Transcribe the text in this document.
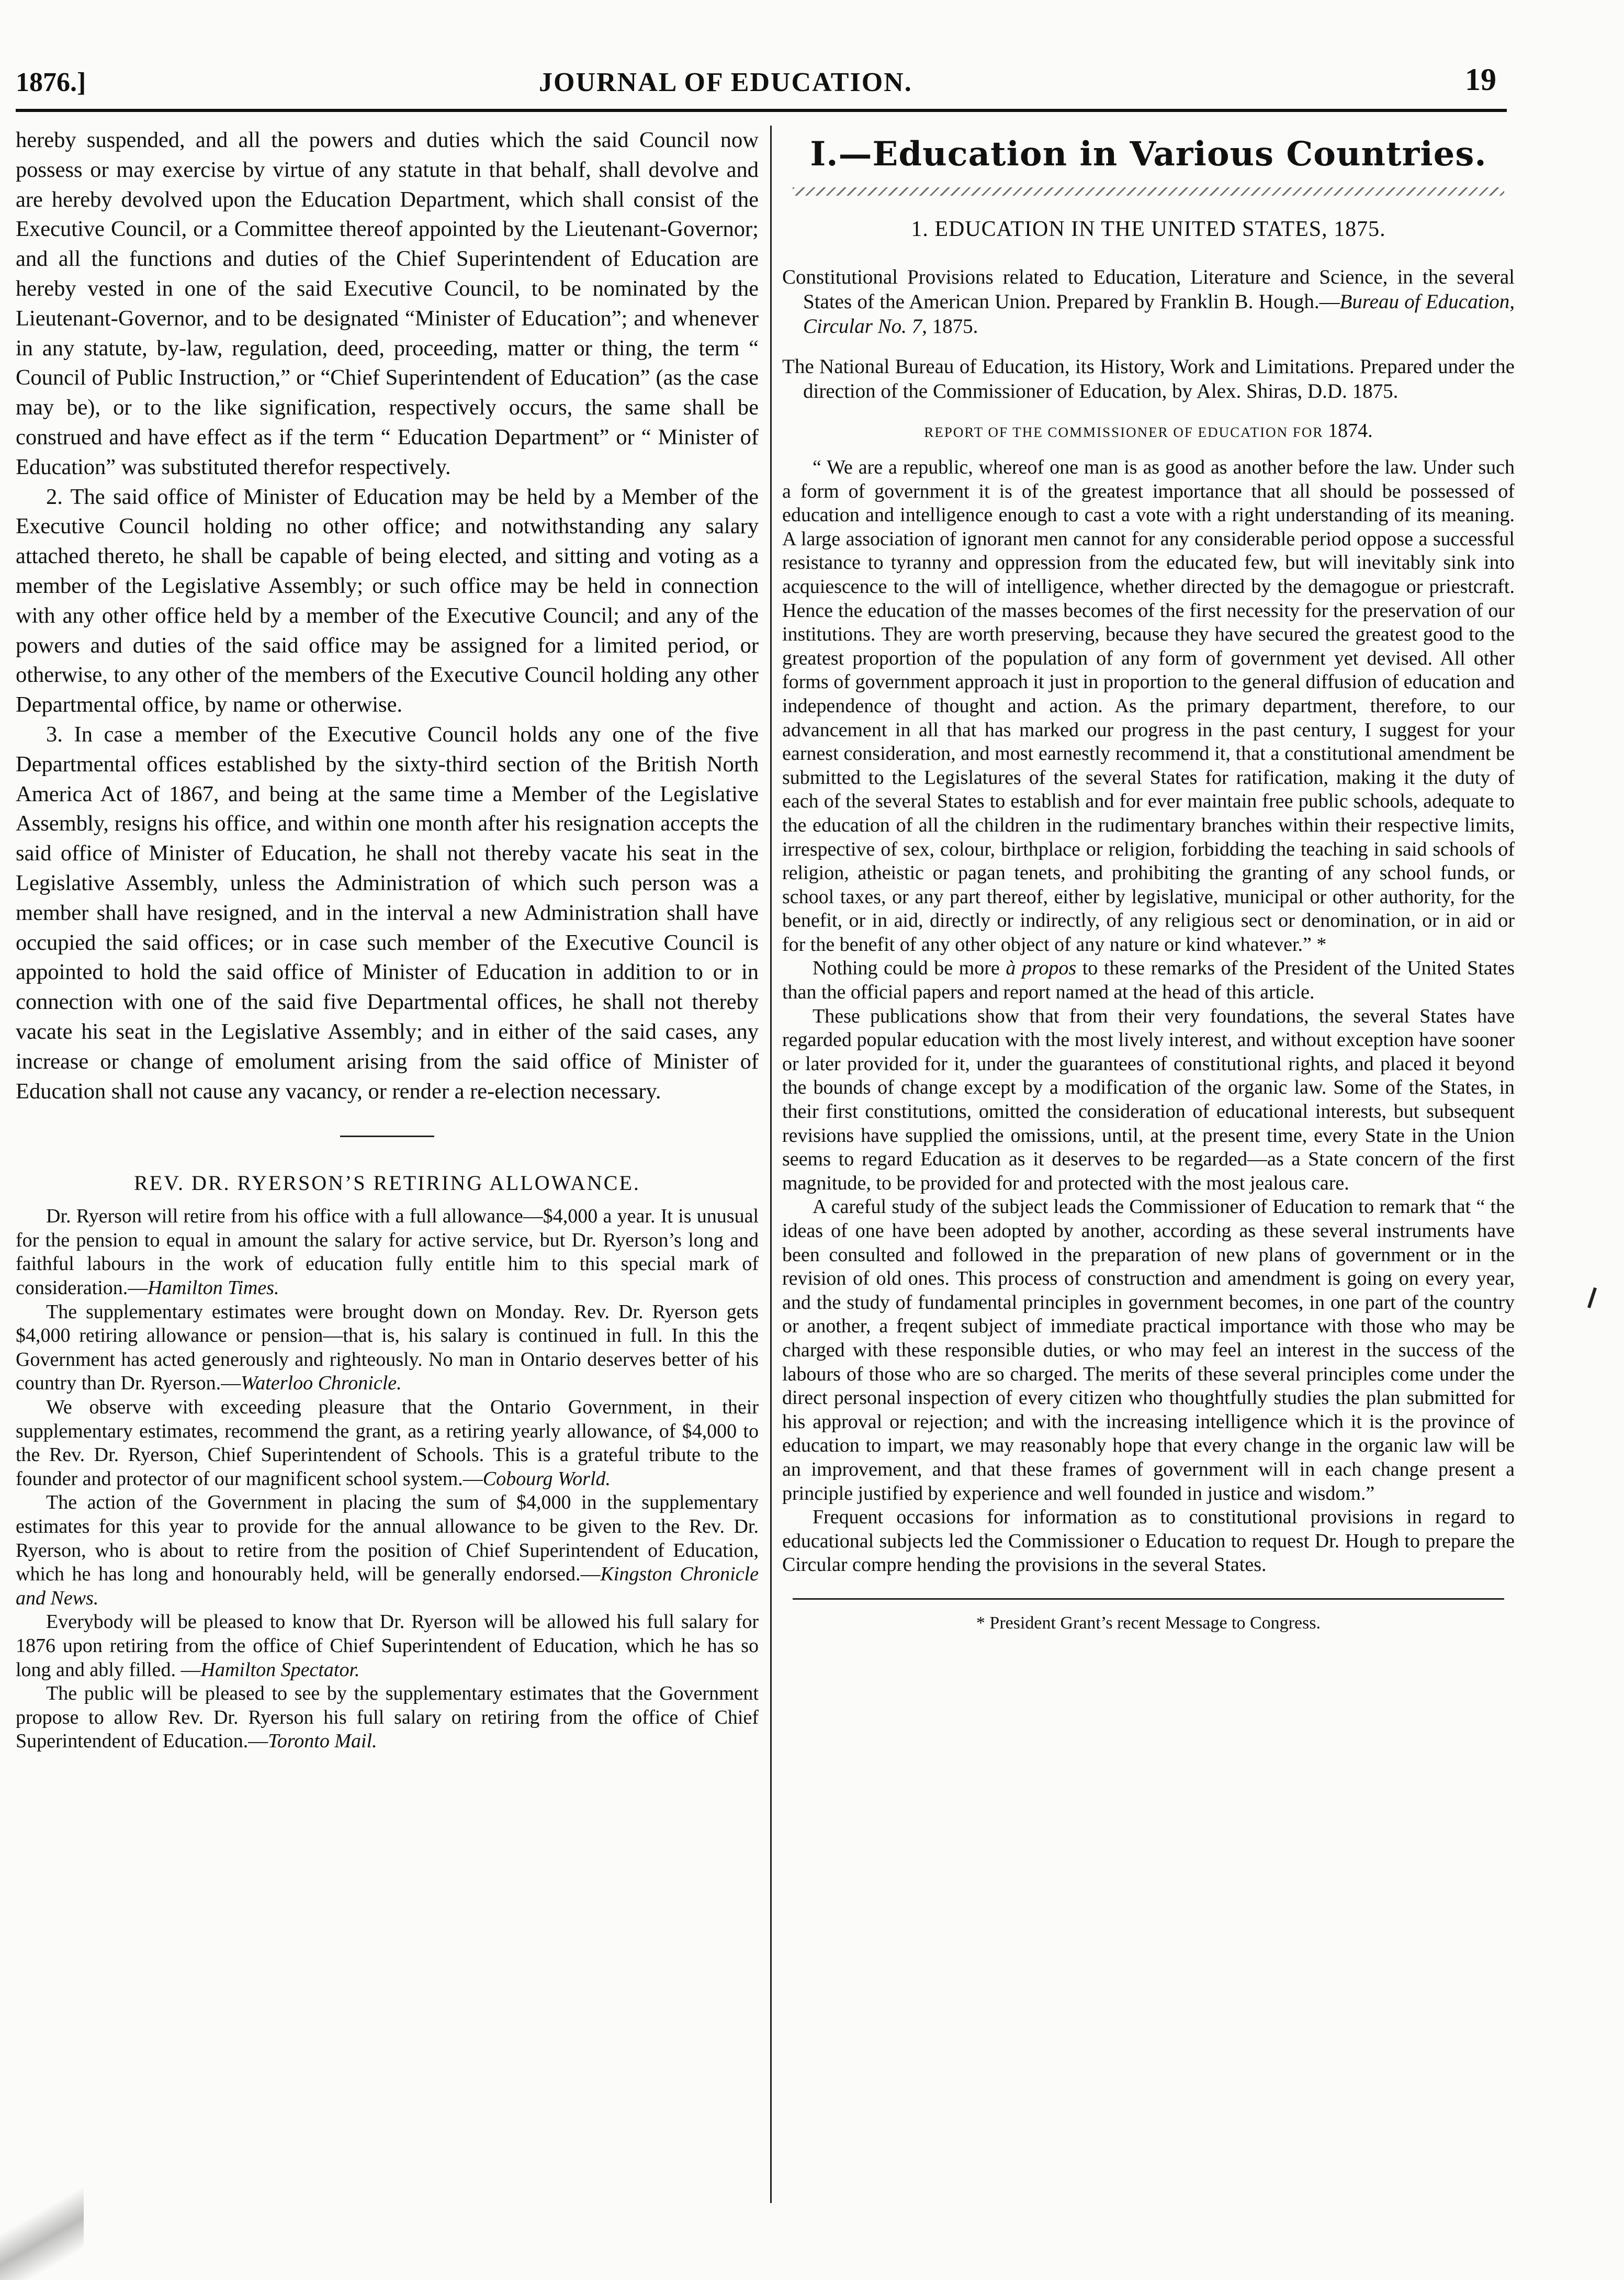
1876.]	JOURNAL OF EDUCATION.	19

hereby suspended, and all the powers and duties which the said Council now possess or may exercise by virtue of any statute in that behalf, shall devolve and are hereby devolved upon the Education Department, which shall consist of the Executive Council, or a Committee thereof appointed by the Lieutenant-Governor; and all the functions and duties of the Chief Superintendent of Education are hereby vested in one of the said Executive Council, to be nominated by the Lieutenant-Governor, and to be designated “Minister of Education”; and whenever in any statute, by-law, regulation, deed, proceeding, matter or thing, the term “ Council of Public Instruction,” or “Chief Superintendent of Education” (as the case may be), or to the like signification, respectively occurs, the same shall be construed and have effect as if the term “ Education Department” or “ Minister of Education” was substituted therefor respectively.

2. The said office of Minister of Education may be held by a Member of the Executive Council holding no other office; and notwithstanding any salary attached thereto, he shall be capable of being elected, and sitting and voting as a member of the Legislative Assembly; or such office may be held in connection with any other office held by a member of the Executive Council; and any of the powers and duties of the said office may be assigned for a limited period, or otherwise, to any other of the members of the Executive Council holding any other Departmental office, by name or otherwise.

3. In case a member of the Executive Council holds any one of the five Departmental offices established by the sixty-third section of the British North America Act of 1867, and being at the same time a Member of the Legislative Assembly, resigns his office, and within one month after his resignation accepts the said office of Minister of Education, he shall not thereby vacate his seat in the Legislative Assembly, unless the Administration of which such person was a member shall have resigned, and in the interval a new Administration shall have occupied the said offices; or in case such member of the Executive Council is appointed to hold the said office of Minister of Education in addition to or in connection with one of the said five Departmental offices, he shall not thereby vacate his seat in the Legislative Assembly; and in either of the said cases, any increase or change of emolument arising from the said office of Minister of Education shall not cause any vacancy, or render a re-election necessary.

REV. DR. RYERSON’S RETIRING ALLOWANCE.

Dr. Ryerson will retire from his office with a full allowance—$4,000 a year. It is unusual for the pension to equal in amount the salary for active service, but Dr. Ryerson’s long and faithful labours in the work of education fully entitle him to this special mark of consideration.—Hamilton Times.

The supplementary estimates were brought down on Monday. Rev. Dr. Ryerson gets $4,000 retiring allowance or pension—that is, his salary is continued in full. In this the Government has acted generously and righteously. No man in Ontario deserves better of his country than Dr. Ryerson.—Waterloo Chronicle.

We observe with exceeding pleasure that the Ontario Government, in their supplementary estimates, recommend the grant, as a retiring yearly allowance, of $4,000 to the Rev. Dr. Ryerson, Chief Superintendent of Schools. This is a grateful tribute to the founder and protector of our magnificent school system.—Cobourg World.

The action of the Government in placing the sum of $4,000 in the supplementary estimates for this year to provide for the annual allowance to be given to the Rev. Dr. Ryerson, who is about to retire from the position of Chief Superintendent of Education, which he has long and honourably held, will be generally endorsed.—Kingston Chronicle and News.

Everybody will be pleased to know that Dr. Ryerson will be allowed his full salary for 1876 upon retiring from the office of Chief Superintendent of Education, which he has so long and ably filled. —Hamilton Spectator.

The public will be pleased to see by the supplementary estimates that the Government propose to allow Rev. Dr. Ryerson his full salary on retiring from the office of Chief Superintendent of Education.—Toronto Mail.

I.—Education in Various Countries.
1. EDUCATION IN THE UNITED STATES, 1875.

Constitutional Provisions related to Education, Literature and Science, in the several States of the American Union. Prepared by Franklin B. Hough.—Bureau of Education, Circular No. 7, 1875.

The National Bureau of Education, its History, Work and Limitations. Prepared under the direction of the Commissioner of Education, by Alex. Shiras, D.D. 1875.

REPORT OF THE COMMISSIONER OF EDUCATION FOR 1874.

“ We are a republic, whereof one man is as good as another before the law. Under such a form of government it is of the greatest importance that all should be possessed of education and intelligence enough to cast a vote with a right understanding of its meaning. A large association of ignorant men cannot for any considerable period oppose a successful resistance to tyranny and oppression from the educated few, but will inevitably sink into acquiescence to the will of intelligence, whether directed by the demagogue or priestcraft. Hence the education of the masses becomes of the first necessity for the preservation of our institutions. They are worth preserving, because they have secured the greatest good to the greatest proportion of the population of any form of government yet devised. All other forms of government approach it just in proportion to the general diffusion of education and independence of thought and action. As the primary department, therefore, to our advancement in all that has marked our progress in the past century, I suggest for your earnest consideration, and most earnestly recommend it, that a constitutional amendment be submitted to the Legislatures of the several States for ratification, making it the duty of each of the several States to establish and for ever maintain free public schools, adequate to the education of all the children in the rudimentary branches within their respective limits, irrespective of sex, colour, birthplace or religion, forbidding the teaching in said schools of religion, atheistic or pagan tenets, and prohibiting the granting of any school funds, or school taxes, or any part thereof, either by legislative, municipal or other authority, for the benefit, or in aid, directly or indirectly, of any religious sect or denomination, or in aid or for the benefit of any other object of any nature or kind whatever.” *

Nothing could be more à propos to these remarks of the President of the United States than the official papers and report named at the head of this article.

These publications show that from their very foundations, the several States have regarded popular education with the most lively interest, and without exception have sooner or later provided for it, under the guarantees of constitutional rights, and placed it beyond the bounds of change except by a modification of the organic law. Some of the States, in their first constitutions, omitted the consideration of educational interests, but subsequent revisions have supplied the omissions, until, at the present time, every State in the Union seems to regard Education as it deserves to be regarded—as a State concern of the first magnitude, to be provided for and protected with the most jealous care.

A careful study of the subject leads the Commissioner of Education to remark that “ the ideas of one have been adopted by another, according as these several instruments have been consulted and followed in the preparation of new plans of government or in the revision of old ones. This process of construction and amendment is going on every year, and the study of fundamental principles in government becomes, in one part of the country or another, a freqent subject of immediate practical importance with those who may be charged with these responsible duties, or who may feel an interest in the success of the labours of those who are so charged. The merits of these several principles come under the direct personal inspection of every citizen who thoughtfully studies the plan submitted for his approval or rejection; and with the increasing intelligence which it is the province of education to impart, we may reasonably hope that every change in the organic law will be an improvement, and that these frames of government will in each change present a principle justified by experience and well founded in justice and wisdom.”

Frequent occasions for information as to constitutional provisions in regard to educational subjects led the Commissioner o Education to request Dr. Hough to prepare the Circular compre hending the provisions in the several States.

* President Grant’s recent Message to Congress.
